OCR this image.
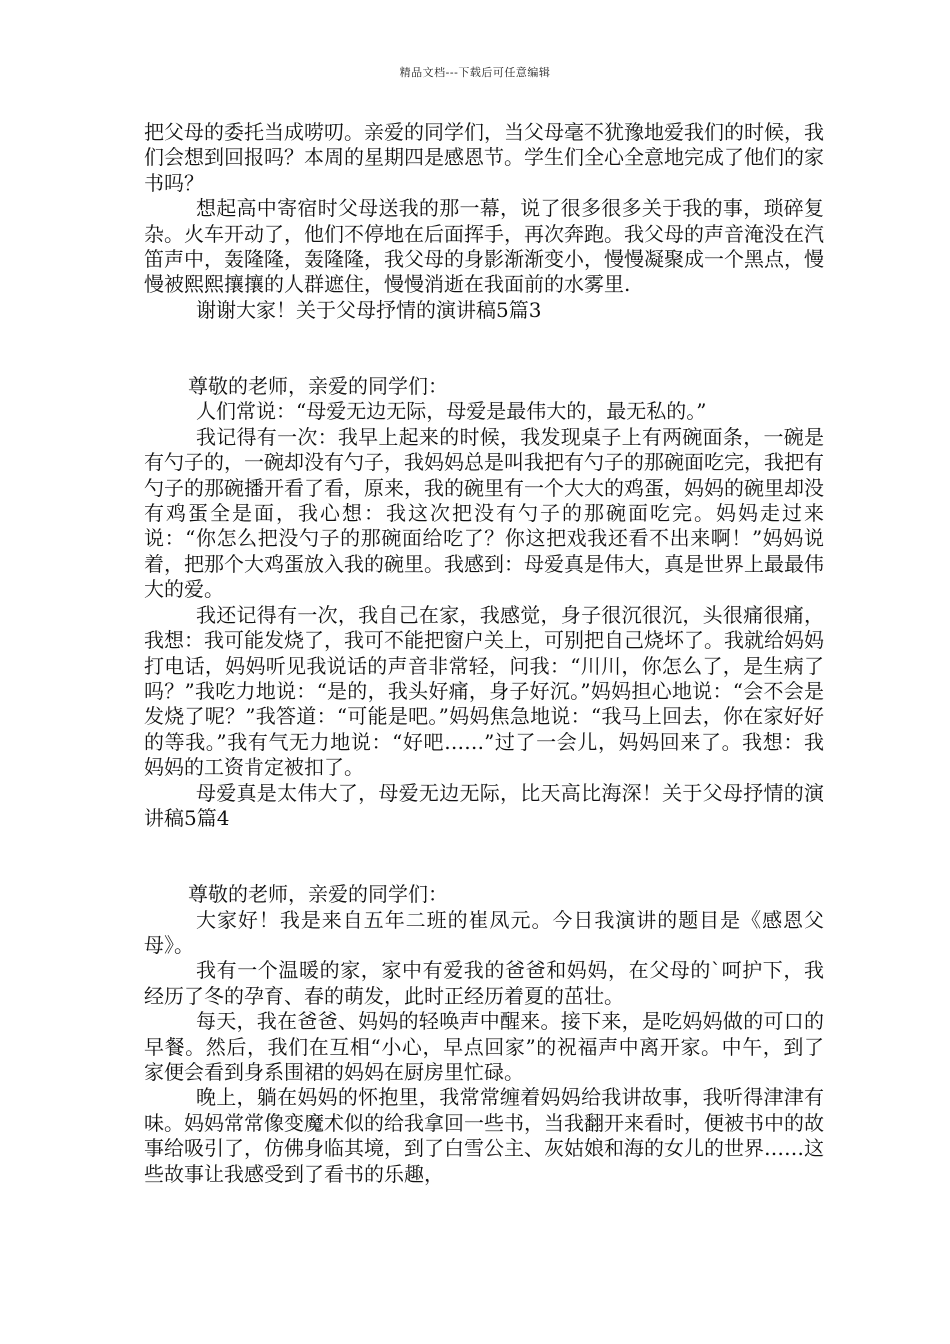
精品文档---下载后可任意编辑

把父母的委托当成唠叨。亲爱的同学们，当父母毫不犹豫地爱我们的时候，我们会想到回报吗？本周的星期四是感恩节。学生们全心全意地完成了他们的家书吗？

想起高中寄宿时父母送我的那一幕，说了很多很多关于我的事，琐碎复杂。火车开动了，他们不停地在后面挥手，再次奔跑。我父母的声音淹没在汽笛声中，轰隆隆，轰隆隆，我父母的身影渐渐变小，慢慢凝聚成一个黑点，慢慢被熙熙攘攘的人群遮住，慢慢消逝在我面前的水雾里.

谢谢大家！关于父母抒情的演讲稿5篇3

尊敬的老师，亲爱的同学们：

人们常说：“母爱无边无际，母爱是最伟大的，最无私的。”

我记得有一次：我早上起来的时候，我发现桌子上有两碗面条，一碗是有勺子的，一碗却没有勺子，我妈妈总是叫我把有勺子的那碗面吃完，我把有勺子的那碗播开看了看，原来，我的碗里有一个大大的鸡蛋，妈妈的碗里却没有鸡蛋全是面，我心想：我这次把没有勺子的那碗面吃完。妈妈走过来说：“你怎么把没勺子的那碗面给吃了？你这把戏我还看不出来啊！”妈妈说着，把那个大鸡蛋放入我的碗里。我感到：母爱真是伟大，真是世界上最最伟大的爱。

我还记得有一次，我自己在家，我感觉，身子很沉很沉，头很痛很痛，我想：我可能发烧了，我可不能把窗户关上，可别把自己烧坏了。我就给妈妈打电话，妈妈听见我说话的声音非常轻，问我：“川川，你怎么了，是生病了吗？”我吃力地说：“是的，我头好痛，身子好沉。”妈妈担心地说：“会不会是发烧了呢？”我答道：“可能是吧。”妈妈焦急地说：“我马上回去，你在家好好的等我。”我有气无力地说：“好吧……”过了一会儿，妈妈回来了。我想：我妈妈的工资肯定被扣了。

母爱真是太伟大了，母爱无边无际，比天高比海深！关于父母抒情的演讲稿5篇4

尊敬的老师，亲爱的同学们：

大家好！我是来自五年二班的崔凤元。今日我演讲的题目是《感恩父母》。

我有一个温暖的家，家中有爱我的爸爸和妈妈，在父母的`呵护下，我经历了冬的孕育、春的萌发，此时正经历着夏的茁壮。

每天，我在爸爸、妈妈的轻唤声中醒来。接下来，是吃妈妈做的可口的早餐。然后，我们在互相“小心，早点回家”的祝福声中离开家。中午，到了家便会看到身系围裙的妈妈在厨房里忙碌。

晚上，躺在妈妈的怀抱里，我常常缠着妈妈给我讲故事，我听得津津有味。妈妈常常像变魔术似的给我拿回一些书，当我翻开来看时，便被书中的故事给吸引了，仿佛身临其境，到了白雪公主、灰姑娘和海的女儿的世界……这些故事让我感受到了看书的乐趣，
